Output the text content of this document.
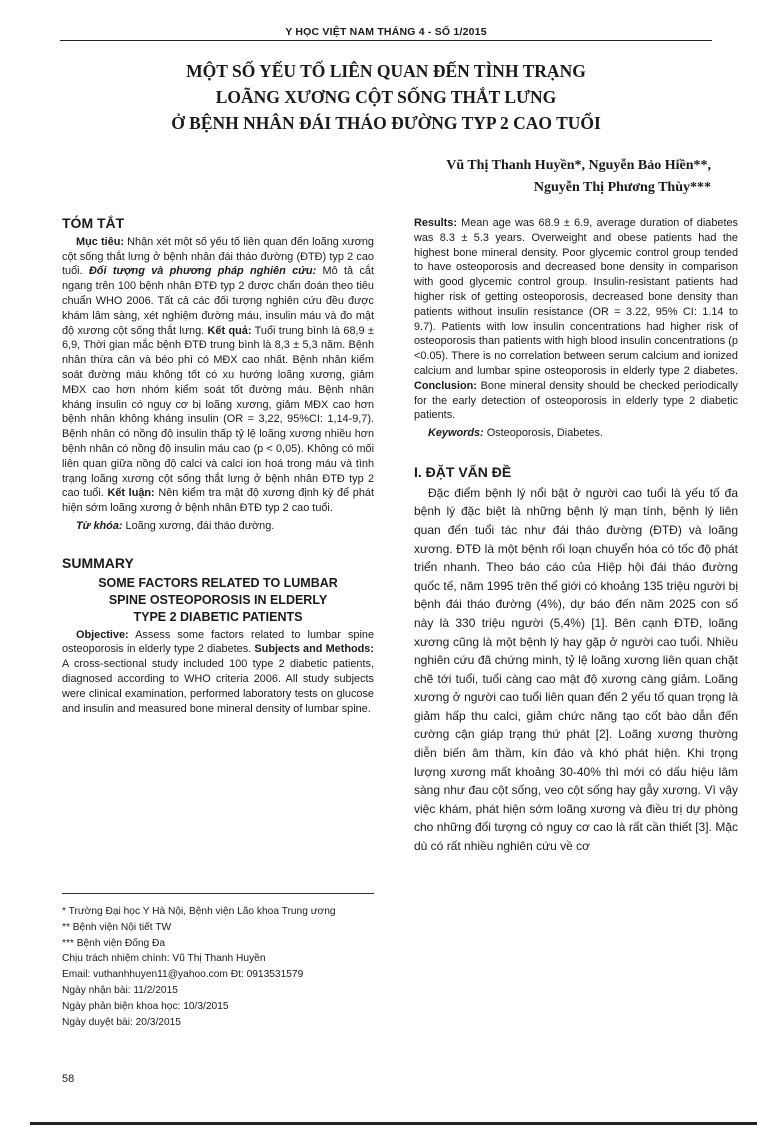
Y HỌC VIỆT NAM THÁNG 4 - SỐ 1/2015
MỘT SỐ YẾU TỐ LIÊN QUAN ĐẾN TÌNH TRẠNG
LOÃNG XƯƠNG CỘT SỐNG THẮT LƯNG
Ở BỆNH NHÂN ĐÁI THÁO ĐƯỜNG TYP 2 CAO TUỔI
Vũ Thị Thanh Huyền*, Nguyễn Bảo Hiền**,
Nguyễn Thị Phương Thùy***
TÓM TẮT

Mục tiêu: Nhận xét một số yếu tố liên quan đến loãng xương cột sống thắt lưng ở bệnh nhân đái tháo đường (ĐTĐ) typ 2 cao tuổi. Đối tượng và phương pháp nghiên cứu: Mô tả cắt ngang trên 100 bệnh nhân ĐTĐ typ 2 được chẩn đoán theo tiêu chuẩn WHO 2006. Tất cả các đối tượng nghiên cứu đều được khám lâm sàng, xét nghiệm đường máu, insulin máu và đo mật độ xương cột sống thắt lưng. Kết quả: Tuổi trung bình là 68,9 ± 6,9, Thời gian mắc bệnh ĐTĐ trung bình là 8,3 ± 5,3 năm. Bệnh nhân thừa cân và béo phì có MĐX cao nhất. Bệnh nhân kiểm soát đường máu không tốt có xu hướng loãng xương, giảm MĐX cao hơn nhóm kiểm soát tốt đường máu. Bệnh nhân kháng insulin có nguy cơ bị loãng xương, giảm MĐX cao hơn bệnh nhân không kháng insulin (OR = 3,22, 95%CI: 1,14-9,7). Bệnh nhân có nồng độ insulin thấp tỷ lệ loãng xương nhiều hơn bệnh nhân có nồng độ insulin máu cao (p < 0,05). Không có mối liên quan giữa nồng độ calci và calci ion hoá trong máu và tình trạng loãng xương cột sống thắt lưng ở bệnh nhân ĐTĐ typ 2 cao tuổi. Kết luận: Nên kiểm tra mật độ xương định kỳ để phát hiện sớm loãng xương ở bệnh nhân ĐTĐ typ 2 cao tuổi.

Từ khóa: Loãng xương, đái tháo đường.

SUMMARY
SOME FACTORS RELATED TO LUMBAR
SPINE OSTEOPOROSIS IN ELDERLY
TYPE 2 DIABETIC PATIENTS

Objective: Assess some factors related to lumbar spine osteoporosis in elderly type 2 diabetes. Subjects and Methods: A cross-sectional study included 100 type 2 diabetic patients, diagnosed according to WHO criteria 2006. All study subjects were clinical examination, performed laboratory tests on glucose and insulin and measured bone mineral density of lumbar spine.

* Trường Đại học Y Hà Nội, Bệnh viện Lão khoa Trung ương

** Bệnh viện Nội tiết TW

*** Bệnh viện Đống Đa

Chịu trách nhiệm chính: Vũ Thị Thanh Huyền

Email: vuthanhhuyen11@yahoo.com Đt: 0913531579

Ngày nhận bài: 11/2/2015

Ngày phản biện khoa học: 10/3/2015

Ngày duyệt bài: 20/3/2015

Results: Mean age was 68.9 ± 6.9, average duration of diabetes was 8.3 ± 5.3 years. Overweight and obese patients had the highest bone mineral density. Poor glycemic control group tended to have osteoporosis and decreased bone density in comparison with good glycemic control group. Insulin-resistant patients had higher risk of getting osteoporosis, decreased bone density than patients without insulin resistance (OR = 3.22, 95% CI: 1.14 to 9.7). Patients with low insulin concentrations had higher risk of osteoporosis than patients with high blood insulin concentrations (p <0.05). There is no correlation between serum calcium and ionized calcium and lumbar spine osteoporosis in elderly type 2 diabetes. Conclusion: Bone mineral density should be checked periodically for the early detection of osteoporosis in elderly type 2 diabetic patients.

Keywords: Osteoporosis, Diabetes.

I. ĐẶT VẤN ĐỀ

Đặc điểm bệnh lý nổi bật ở người cao tuổi là yếu tố đa bệnh lý đặc biệt là những bệnh lý mạn tính, bệnh lý liên quan đến tuổi tác như đái tháo đường (ĐTĐ) và loãng xương. ĐTĐ là một bệnh rối loạn chuyển hóa có tốc độ phát triển nhanh. Theo báo cáo của Hiệp hội đái tháo đường quốc tế, năm 1995 trên thế giới có khoảng 135 triệu người bị bệnh đái tháo đường (4%), dự báo đến năm 2025 con số này là 330 triệu người (5,4%) [1]. Bên cạnh ĐTĐ, loãng xương cũng là một bệnh lý hay gặp ở người cao tuổi. Nhiều nghiên cứu đã chứng minh, tỷ lệ loãng xương liên quan chặt chẽ tới tuổi, tuổi càng cao mật độ xương càng giảm. Loãng xương ở người cao tuổi liên quan đến 2 yếu tố quan trọng là giảm hấp thu calci, giảm chức năng tạo cốt bào dẫn đến cường cận giáp trạng thứ phát [2]. Loãng xương thường diễn biến âm thầm, kín đáo và khó phát hiện. Khi trọng lượng xương mất khoảng 30-40% thì mới có dấu hiệu lâm sàng như đau cột sống, veo cột sống hay gẫy xương. Vì vậy việc khám, phát hiện sớm loãng xương và điều trị dự phòng cho những đối tượng có nguy cơ cao là rất cần thiết [3]. Mặc dù có rất nhiều nghiên cứu về cơ

58
